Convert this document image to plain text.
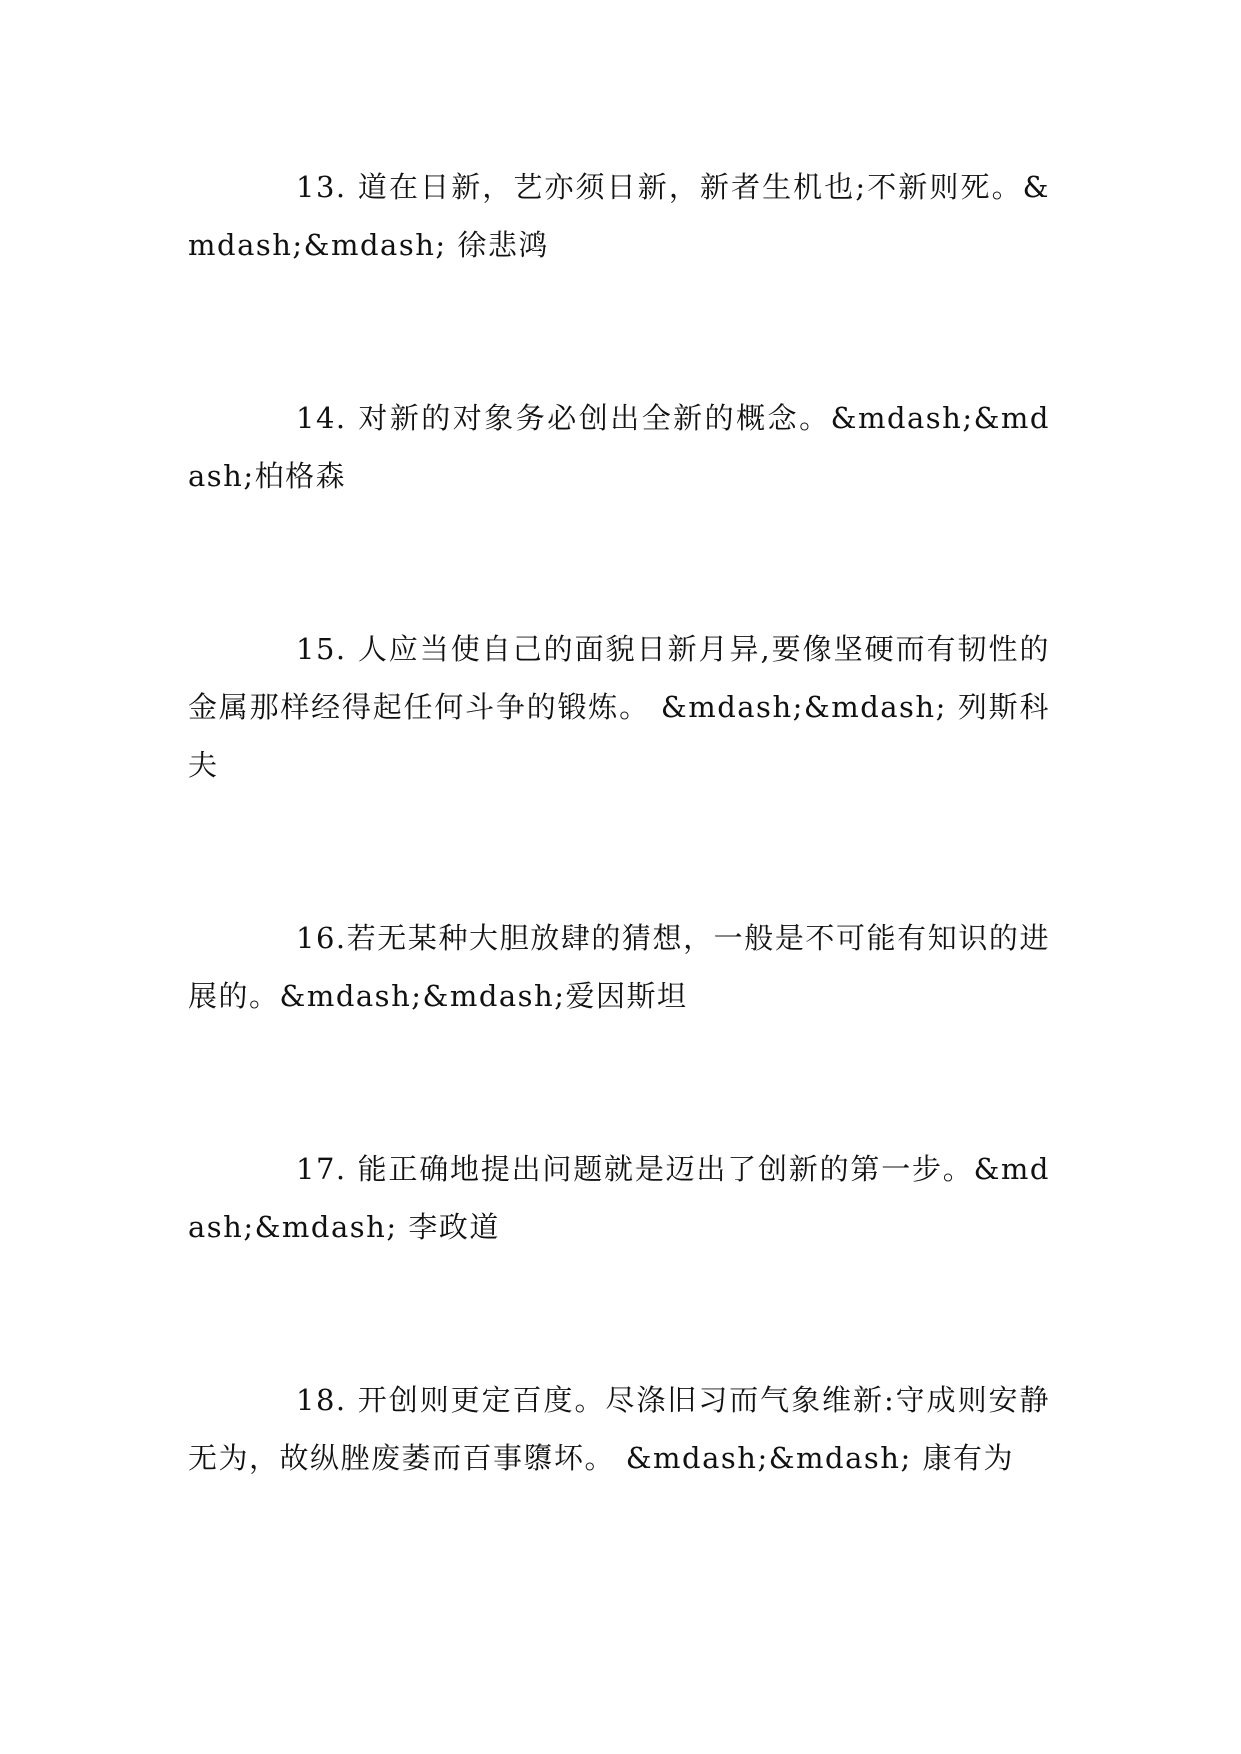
13. 道在日新，艺亦须日新，新者生机也;不新则死。&mdash;&mdash; 徐悲鸿

14. 对新的对象务必创出全新的概念。&mdash;&mdash;柏格森

15. 人应当使自己的面貌日新月异,要像坚硬而有韧性的金属那样经得起任何斗争的锻炼。 &mdash;&mdash; 列斯科夫

16.若无某种大胆放肆的猜想，一般是不可能有知识的进展的。&mdash;&mdash;爱因斯坦

17. 能正确地提出问题就是迈出了创新的第一步。&mdash;&mdash; 李政道

18. 开创则更定百度。尽涤旧习而气象维新:守成则安静无为，故纵脞废萎而百事隳坏。 &mdash;&mdash; 康有为
